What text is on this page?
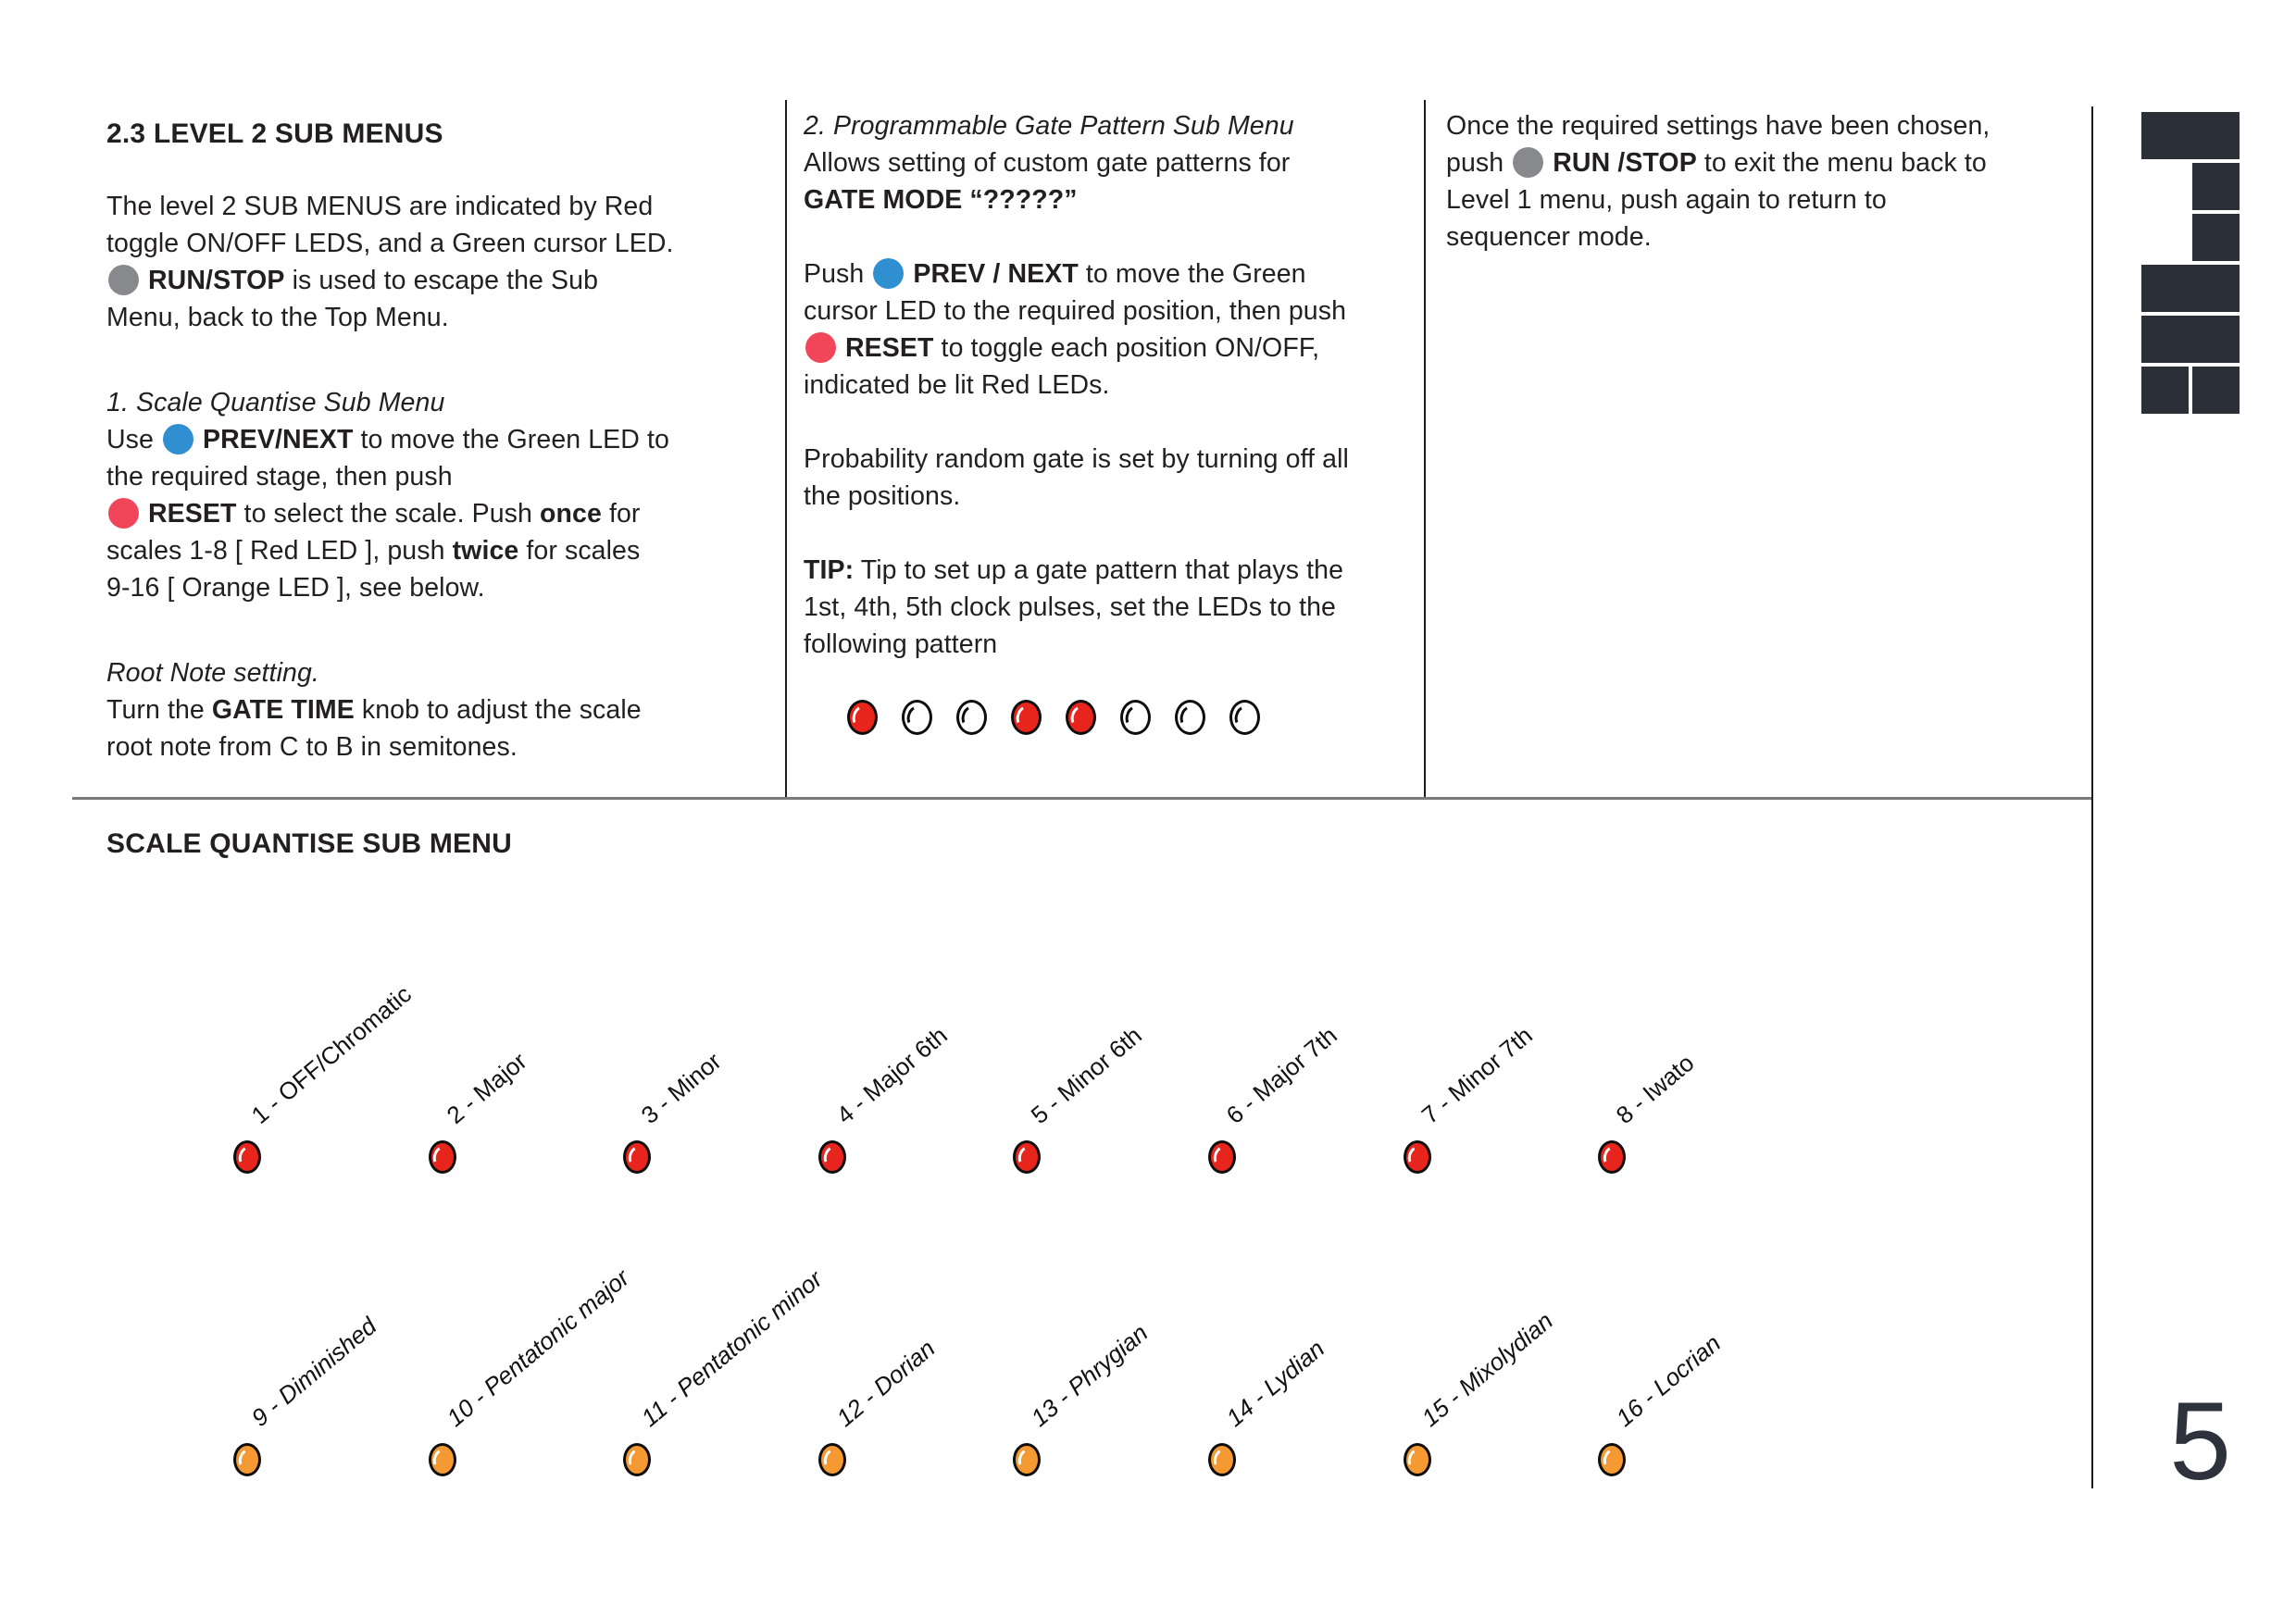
2.3 LEVEL 2 SUB MENUS

The level 2 SUB MENUS are indicated by Red
toggle ON/OFF LEDS, and a Green cursor LED.
RUN/STOP is used to escape the Sub
Menu, back to the Top Menu.

1. Scale Quantise Sub Menu
Use PREV/NEXT to move the Green LED to
the required stage, then push
RESET to select the scale. Push once for
scales 1-8 [ Red LED ], push twice for scales
9-16 [ Orange LED ], see below.

Root Note setting.
Turn the GATE TIME knob to adjust the scale
root note from C to B in semitones.

2. Programmable Gate Pattern Sub Menu
Allows setting of custom gate patterns for
GATE MODE “?????”

Push PREV / NEXT to move the Green
cursor LED to the required position, then push
RESET to toggle each position ON/OFF,
indicated be lit Red LEDs.

Probability random gate is set by turning off all
the positions.

TIP: Tip to set up a gate pattern that plays the
1st, 4th, 5th clock pulses, set the LEDs to the
following pattern

Once the required settings have been chosen,
push RUN /STOP to exit the menu back to
Level 1 menu, push again to return to
sequencer mode.

SCALE QUANTISE SUB MENU
1 - OFF/Chromatic 2 - Major	3 - Minor	4 - Major 6th	5 - Minor 6th	6 - Major 7th	7 - Minor 7th	8 - Iwato
9 - Diminished 10 - Pentatonic major 11 - Pentatonic minor 12 - Dorian	13 - Phrygian	14 - Lydian	15 - Mixolydian 16 - Locrian	5
